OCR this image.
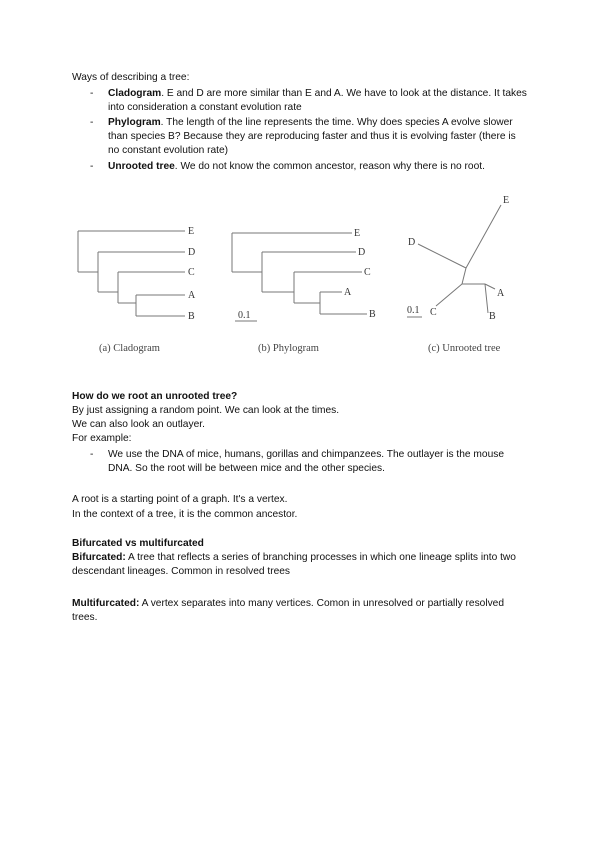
Ways of describing a tree:
- Cladogram. E and D are more similar than E and A. We have to look at the distance. It takes into consideration a constant evolution rate
- Phylogram. The length of the line represents the time. Why does species A evolve slower than species B? Because they are reproducing faster and thus it is evolving faster (there is no constant evolution rate)
- Unrooted tree. We do not know the common ancestor, reason why there is no root.
E
D
C
A
B
(a) Cladogram
E
D
C
A
B
0.1
(b) Phylogram
E
D
A
B
C
0.1
(c) Unrooted tree
How do we root an unrooted tree?
By just assigning a random point. We can look at the times.
We can also look an outlayer.
For example:
- We use the DNA of mice, humans, gorillas and chimpanzees. The outlayer is the mouse DNA. So the root will be between mice and the other species.
A root is a starting point of a graph. It's a vertex.
In the context of a tree, it is the common ancestor.
Bifurcated vs multifurcated
Bifurcated: A tree that reflects a series of branching processes in which one lineage splits into two descendant lineages. Common in resolved trees
Multifurcated: A vertex separates into many vertices. Comon in unresolved or partially resolved trees.
